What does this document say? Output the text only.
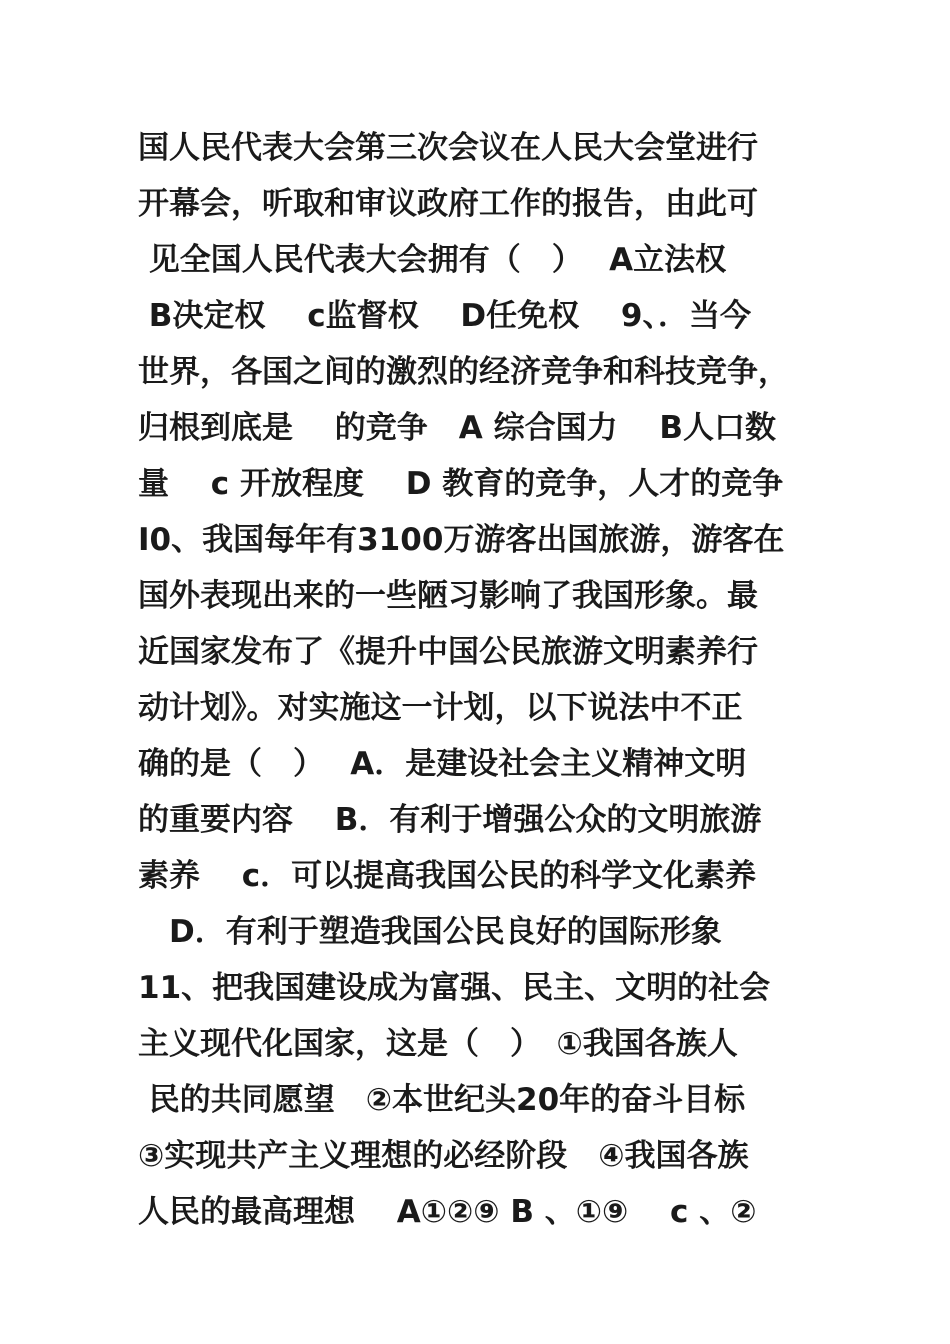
国人民代表大会第三次会议在人民大会堂进行
开幕会，听取和审议政府工作的报告，由此可
见全国人民代表大会拥有（　）　 A立法权
B决定权　 c监督权　 D任免权　 9、．当今
世界，各国之间的激烈的经济竞争和科技竞争，
归根到底是　 的竞争　A 综合国力　 B人口数
量　 c 开放程度　 D 教育的竞争，人才的竞争
I0、我国每年有3100万游客出国旅游，游客在
国外表现出来的一些陋习影响了我国形象。最
近国家发布了《提升中国公民旅游文明素养行
动计划》。对实施这一计划，以下说法中不正
确的是（　）　 A．是建设社会主义精神文明
的重要内容　 B．有利于增强公众的文明旅游
素养　 c．可以提高我国公民的科学文化素养
　D．有利于塑造我国公民良好的国际形象
11、把我国建设成为富强、民主、文明的社会
主义现代化国家，这是（　）　①我国各族人
民的共同愿望　②本世纪头20年的奋斗目标
③实现共产主义理想的必经阶段　④我国各族
人民的最高理想　 A①②⑨ B 、①⑨　 c 、②
